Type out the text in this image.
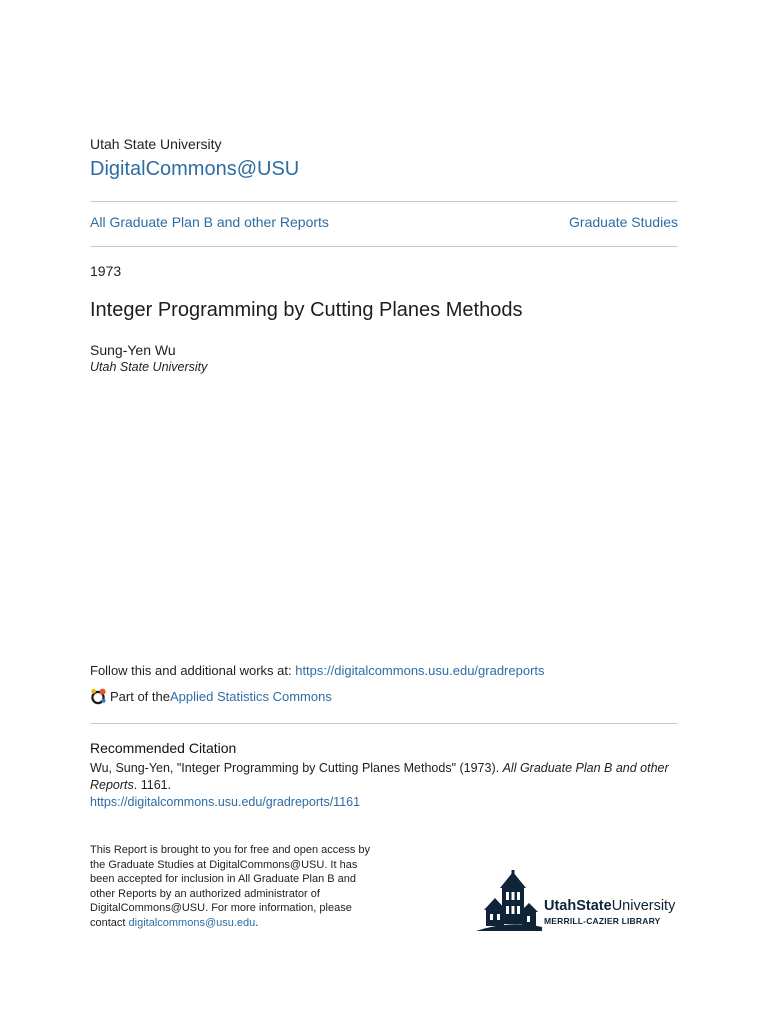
Utah State University
DigitalCommons@USU
All Graduate Plan B and other Reports	Graduate Studies
1973
Integer Programming by Cutting Planes Methods
Sung-Yen Wu
Utah State University
Follow this and additional works at: https://digitalcommons.usu.edu/gradreports
Part of the Applied Statistics Commons
Recommended Citation
Wu, Sung-Yen, "Integer Programming by Cutting Planes Methods" (1973). All Graduate Plan B and other Reports. 1161.
https://digitalcommons.usu.edu/gradreports/1161
This Report is brought to you for free and open access by the Graduate Studies at DigitalCommons@USU. It has been accepted for inclusion in All Graduate Plan B and other Reports by an authorized administrator of DigitalCommons@USU. For more information, please contact digitalcommons@usu.edu.
UtahStateUniversity
MERRILL-CAZIER LIBRARY
